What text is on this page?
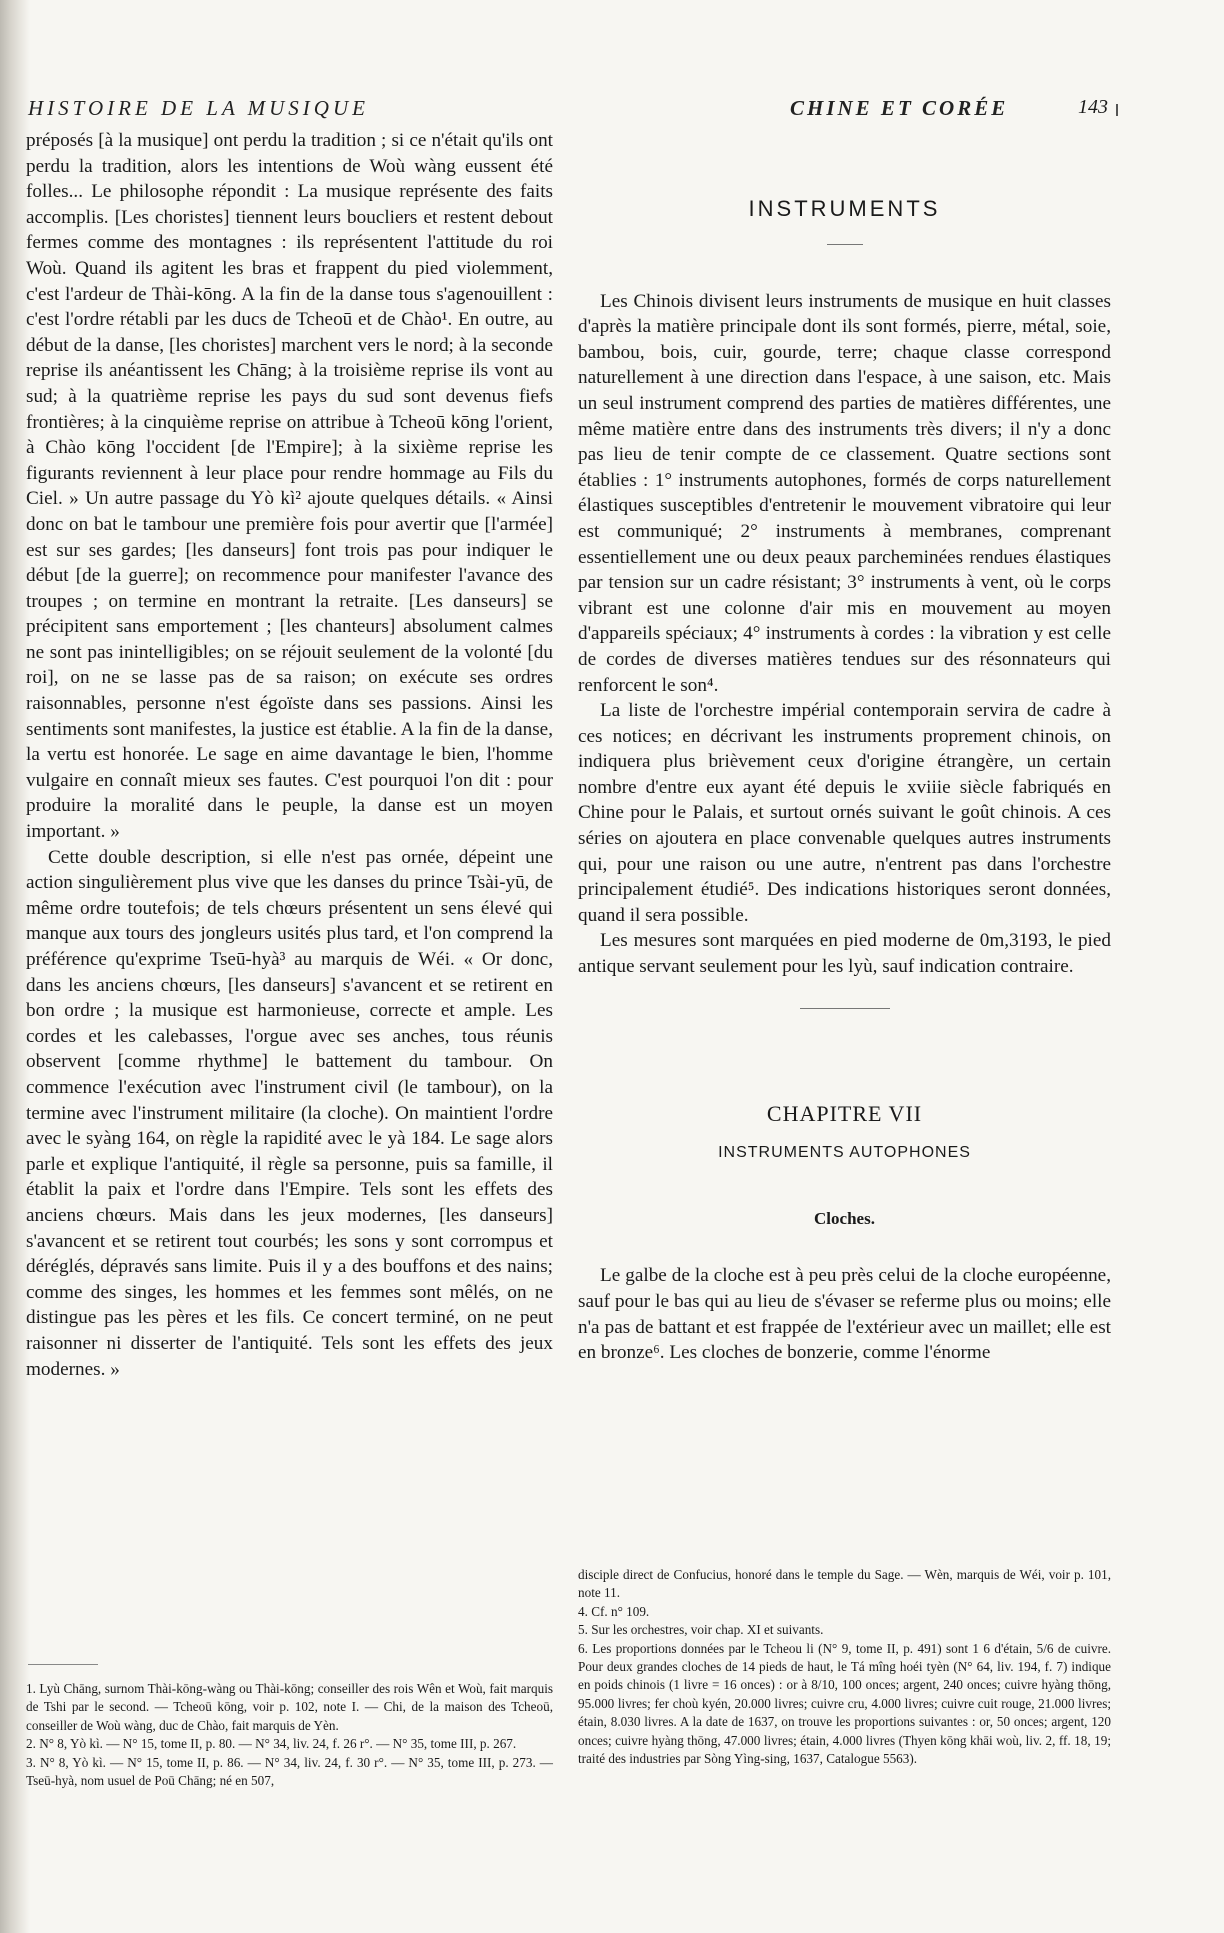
HISTOIRE DE LA MUSIQUE	CHINE ET CORÉE	143

préposés [à la musique] ont perdu la tradition ; si ce n'était qu'ils ont perdu la tradition, alors les intentions de Woù wàng eussent été folles... Le philosophe répondit : La musique représente des faits accomplis. [Les choristes] tiennent leurs boucliers et restent debout fermes comme des montagnes : ils représentent l'attitude du roi Woù. Quand ils agitent les bras et frappent du pied violemment, c'est l'ardeur de Thài-kōng. A la fin de la danse tous s'agenouillent : c'est l'ordre rétabli par les ducs de Tcheoū et de Chào¹. En outre, au début de la danse, [les choristes] marchent vers le nord; à la seconde reprise ils anéantissent les Chāng; à la troisième reprise ils vont au sud; à la quatrième reprise les pays du sud sont devenus fiefs frontières; à la cinquième reprise on attribue à Tcheoū kōng l'orient, à Chào kōng l'occident [de l'Empire]; à la sixième reprise les figurants reviennent à leur place pour rendre hommage au Fils du Ciel. » Un autre passage du Yò kì² ajoute quelques détails. « Ainsi donc on bat le tambour une première fois pour avertir que [l'armée] est sur ses gardes; [les danseurs] font trois pas pour indiquer le début [de la guerre]; on recommence pour manifester l'avance des troupes ; on termine en montrant la retraite. [Les danseurs] se précipitent sans emportement ; [les chanteurs] absolument calmes ne sont pas inintelligibles; on se réjouit seulement de la volonté [du roi], on ne se lasse pas de sa raison; on exécute ses ordres raisonnables, personne n'est égoïste dans ses passions. Ainsi les sentiments sont manifestes, la justice est établie. A la fin de la danse, la vertu est honorée. Le sage en aime davantage le bien, l'homme vulgaire en connaît mieux ses fautes. C'est pourquoi l'on dit : pour produire la moralité dans le peuple, la danse est un moyen important. »

Cette double description, si elle n'est pas ornée, dépeint une action singulièrement plus vive que les danses du prince Tsài-yū, de même ordre toutefois; de tels chœurs présentent un sens élevé qui manque aux tours des jongleurs usités plus tard, et l'on comprend la préférence qu'exprime Tseū-hyà³ au marquis de Wéi. « Or donc, dans les anciens chœurs, [les danseurs] s'avancent et se retirent en bon ordre ; la musique est harmonieuse, correcte et ample. Les cordes et les calebasses, l'orgue avec ses anches, tous réunis observent [comme rhythme] le battement du tambour. On commence l'exécution avec l'instrument civil (le tambour), on la termine avec l'instrument militaire (la cloche). On maintient l'ordre avec le syàng 164, on règle la rapidité avec le yà 184. Le sage alors parle et explique l'antiquité, il règle sa personne, puis sa famille, il établit la paix et l'ordre dans l'Empire. Tels sont les effets des anciens chœurs. Mais dans les jeux modernes, [les danseurs] s'avancent et se retirent tout courbés; les sons y sont corrompus et déréglés, dépravés sans limite. Puis il y a des bouffons et des nains; comme des singes, les hommes et les femmes sont mêlés, on ne distingue pas les pères et les fils. Ce concert terminé, on ne peut raisonner ni disserter de l'antiquité. Tels sont les effets des jeux modernes. »

1. Lyù Chāng, surnom Thài-kōng-wàng ou Thài-kōng; conseiller des rois Wên et Woù, fait marquis de Tshi par le second. — Tcheoū kōng, voir p. 102, note I. — Chi, de la maison des Tcheoū, conseiller de Woù wàng, duc de Chào, fait marquis de Yèn.

2. N° 8, Yò kì. — N° 15, tome II, p. 80. — N° 34, liv. 24, f. 26 r°. — N° 35, tome III, p. 267.

3. N° 8, Yò kì. — N° 15, tome II, p. 86. — N° 34, liv. 24, f. 30 r°. — N° 35, tome III, p. 273. — Tseū-hyà, nom usuel de Poū Chāng; né en 507,

INSTRUMENTS

Les Chinois divisent leurs instruments de musique en huit classes d'après la matière principale dont ils sont formés, pierre, métal, soie, bambou, bois, cuir, gourde, terre; chaque classe correspond naturellement à une direction dans l'espace, à une saison, etc. Mais un seul instrument comprend des parties de matières différentes, une même matière entre dans des instruments très divers; il n'y a donc pas lieu de tenir compte de ce classement. Quatre sections sont établies : 1° instruments autophones, formés de corps naturellement élastiques susceptibles d'entretenir le mouvement vibratoire qui leur est communiqué; 2° instruments à membranes, comprenant essentiellement une ou deux peaux parcheminées rendues élastiques par tension sur un cadre résistant; 3° instruments à vent, où le corps vibrant est une colonne d'air mis en mouvement au moyen d'appareils spéciaux; 4° instruments à cordes : la vibration y est celle de cordes de diverses matières tendues sur des résonnateurs qui renforcent le son⁴.

La liste de l'orchestre impérial contemporain servira de cadre à ces notices; en décrivant les instruments proprement chinois, on indiquera plus brièvement ceux d'origine étrangère, un certain nombre d'entre eux ayant été depuis le xviiie siècle fabriqués en Chine pour le Palais, et surtout ornés suivant le goût chinois. A ces séries on ajoutera en place convenable quelques autres instruments qui, pour une raison ou une autre, n'entrent pas dans l'orchestre principalement étudié⁵. Des indications historiques seront données, quand il sera possible.

Les mesures sont marquées en pied moderne de 0m,3193, le pied antique servant seulement pour les lyù, sauf indication contraire.

CHAPITRE VII
INSTRUMENTS AUTOPHONES
Cloches.

Le galbe de la cloche est à peu près celui de la cloche européenne, sauf pour le bas qui au lieu de s'évaser se referme plus ou moins; elle n'a pas de battant et est frappée de l'extérieur avec un maillet; elle est en bronze⁶. Les cloches de bonzerie, comme l'énorme

disciple direct de Confucius, honoré dans le temple du Sage. — Wèn, marquis de Wéi, voir p. 101, note 11.

4. Cf. n° 109.

5. Sur les orchestres, voir chap. XI et suivants.

6. Les proportions données par le Tcheou li (N° 9, tome II, p. 491) sont 1 6 d'étain, 5/6 de cuivre. Pour deux grandes cloches de 14 pieds de haut, le Tá mîng hoéi tyèn (N° 64, liv. 194, f. 7) indique en poids chinois (1 livre = 16 onces) : or à 8/10, 100 onces; argent, 240 onces; cuivre hyàng thōng, 95.000 livres; fer choù kyén, 20.000 livres; cuivre cru, 4.000 livres; cuivre cuit rouge, 21.000 livres; étain, 8.030 livres. A la date de 1637, on trouve les proportions suivantes : or, 50 onces; argent, 120 onces; cuivre hyàng thōng, 47.000 livres; étain, 4.000 livres (Thyen kōng khāi woù, liv. 2, ff. 18, 19; traité des industries par Sòng Yìng-sing, 1637, Catalogue 5563).
